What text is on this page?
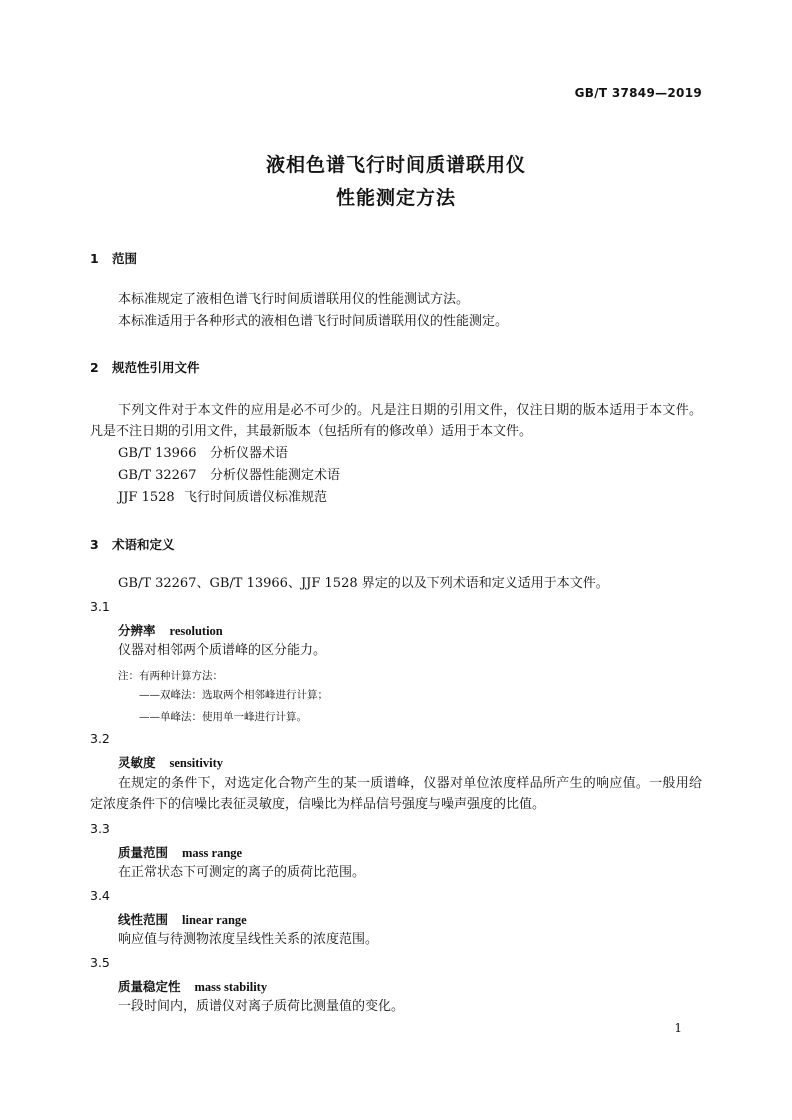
GB/T 37849—2019
液相色谱飞行时间质谱联用仪
性能测定方法
1 范围
本标准规定了液相色谱飞行时间质谱联用仪的性能测试方法。
本标准适用于各种形式的液相色谱飞行时间质谱联用仪的性能测定。
2 规范性引用文件
下列文件对于本文件的应用是必不可少的。凡是注日期的引用文件，仅注日期的版本适用于本文件。凡是不注日期的引用文件，其最新版本（包括所有的修改单）适用于本文件。
GB/T 13966 分析仪器术语
GB/T 32267 分析仪器性能测定术语
JJF 1528 飞行时间质谱仪标准规范
3 术语和定义
GB/T 32267、GB/T 13966、JJF 1528 界定的以及下列术语和定义适用于本文件。
3.1
分辨率 resolution
仪器对相邻两个质谱峰的区分能力。
注：有两种计算方法：
——双峰法：选取两个相邻峰进行计算；
——单峰法：使用单一峰进行计算。
3.2
灵敏度 sensitivity
在规定的条件下，对选定化合物产生的某一质谱峰，仪器对单位浓度样品所产生的响应值。一般用给定浓度条件下的信噪比表征灵敏度，信噪比为样品信号强度与噪声强度的比值。
3.3
质量范围 mass range
在正常状态下可测定的离子的质荷比范围。
3.4
线性范围 linear range
响应值与待测物浓度呈线性关系的浓度范围。
3.5
质量稳定性 mass stability
一段时间内，质谱仪对离子质荷比测量值的变化。
1
